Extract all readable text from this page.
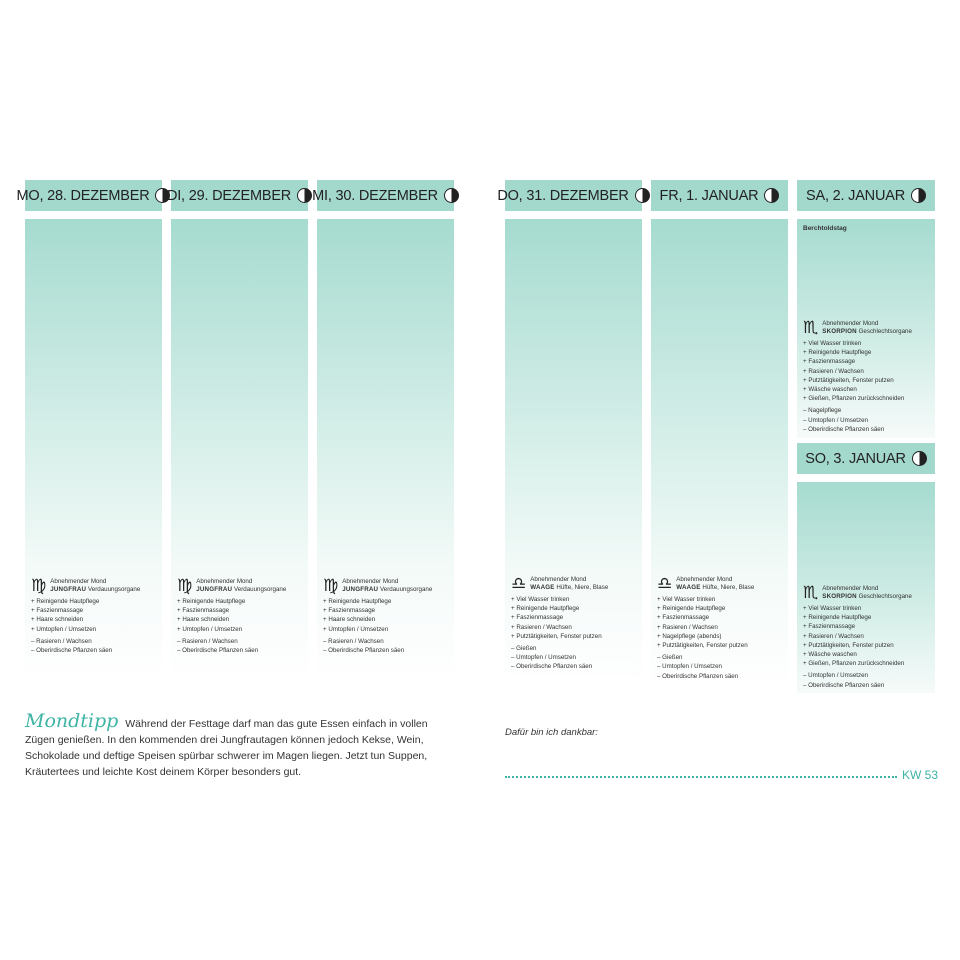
MO, 28. DEZEMBER
♍ Abnehmender Mond
JUNGFRAU Verdauungsorgane
+ Reinigende Hautpflege
+ Faszienmassage
+ Haare schneiden
+ Umtopfen / Umsetzen
– Rasieren / Wachsen
– Oberirdische Pflanzen säen
DI, 29. DEZEMBER
♍ Abnehmender Mond
JUNGFRAU Verdauungsorgane
+ Reinigende Hautpflege
+ Faszienmassage
+ Haare schneiden
+ Umtopfen / Umsetzen
– Rasieren / Wachsen
– Oberirdische Pflanzen säen
MI, 30. DEZEMBER
♍ Abnehmender Mond
JUNGFRAU Verdauungsorgane
+ Reinigende Hautpflege
+ Faszienmassage
+ Haare schneiden
+ Umtopfen / Umsetzen
– Rasieren / Wachsen
– Oberirdische Pflanzen säen
DO, 31. DEZEMBER
♎ Abnehmender Mond
WAAGE Hüfte, Niere, Blase
+ Viel Wasser trinken
+ Reinigende Hautpflege
+ Faszienmassage
+ Rasieren / Wachsen
+ Putztätigkeiten, Fenster putzen
– Gießen
– Umtopfen / Umsetzen
– Oberirdische Pflanzen säen
FR, 1. JANUAR
♎ Abnehmender Mond
WAAGE Hüfte, Niere, Blase
+ Viel Wasser trinken
+ Reinigende Hautpflege
+ Faszienmassage
+ Rasieren / Wachsen
+ Nagelpflege (abends)
+ Putztätigkeiten, Fenster putzen
– Gießen
– Umtopfen / Umsetzen
– Oberirdische Pflanzen säen
SA, 2. JANUAR
Berchtoldstag
♏ Abnehmender Mond
SKORPION Geschlechtsorgane
+ Viel Wasser trinken
+ Reinigende Hautpflege
+ Faszienmassage
+ Rasieren / Wachsen
+ Putztätigkeiten, Fenster putzen
+ Wäsche waschen
+ Gießen, Pflanzen zurückschneiden
– Nagelpflege
– Umtopfen / Umsetzen
– Oberirdische Pflanzen säen
SO, 3. JANUAR
♏ Abnehmender Mond
SKORPION Geschlechtsorgane
+ Viel Wasser trinken
+ Reinigende Hautpflege
+ Faszienmassage
+ Rasieren / Wachsen
+ Putztätigkeiten, Fenster putzen
+ Wäsche waschen
+ Gießen, Pflanzen zurückschneiden
– Umtopfen / Umsetzen
– Oberirdische Pflanzen säen
Mondtipp Während der Festtage darf man das gute Essen einfach in vollen Zügen genießen. In den kommenden drei Jungfrautagen können jedoch Kekse, Wein, Schokolade und deftige Speisen spürbar schwerer im Magen liegen. Jetzt tun Suppen, Kräutertees und leichte Kost deinem Körper besonders gut.
Dafür bin ich dankbar:
KW 53
